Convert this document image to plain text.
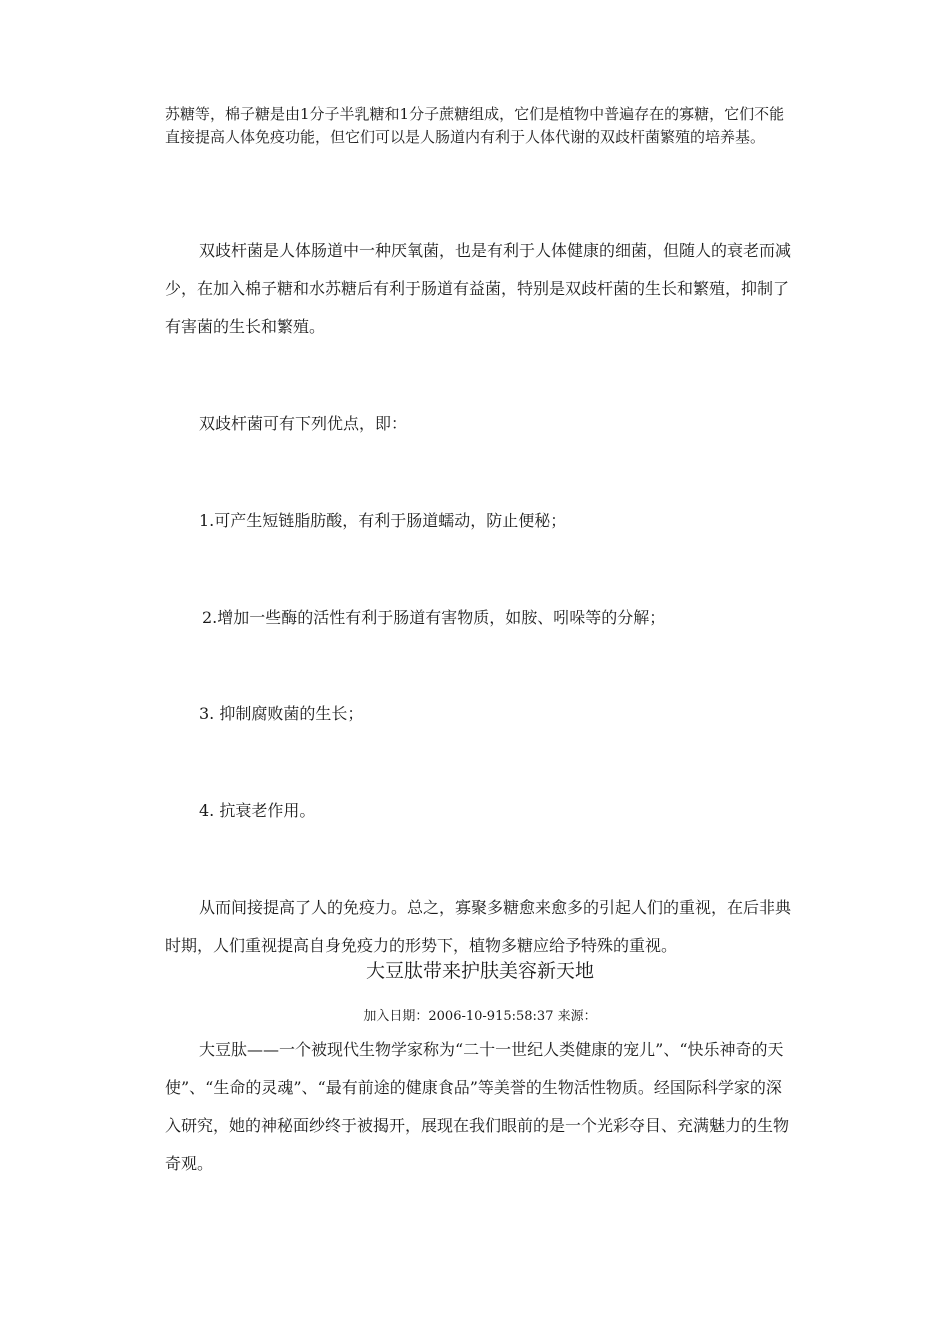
苏糖等，棉子糖是由1分子半乳糖和1分子蔗糖组成，它们是植物中普遍存在的寡糖，它们不能直接提高人体免疫功能，但它们可以是人肠道内有利于人体代谢的双歧杆菌繁殖的培养基。

双歧杆菌是人体肠道中一种厌氧菌，也是有利于人体健康的细菌，但随人的衰老而减少，在加入棉子糖和水苏糖后有利于肠道有益菌，特别是双歧杆菌的生长和繁殖，抑制了有害菌的生长和繁殖。

双歧杆菌可有下列优点，即：

1.可产生短链脂肪酸，有利于肠道蠕动，防止便秘；

2.增加一些酶的活性有利于肠道有害物质，如胺、吲哚等的分解；

3. 抑制腐败菌的生长；

4. 抗衰老作用。

从而间接提高了人的免疫力。总之，寡聚多糖愈来愈多的引起人们的重视，在后非典时期，人们重视提高自身免疫力的形势下，植物多糖应给予特殊的重视。

大豆肽带来护肤美容新天地

加入日期：2006-10-915:58:37 来源：

大豆肽——一个被现代生物学家称为“二十一世纪人类健康的宠儿”、“快乐神奇的天使”、“生命的灵魂”、“最有前途的健康食品”等美誉的生物活性物质。经国际科学家的深入研究，她的神秘面纱终于被揭开，展现在我们眼前的是一个光彩夺目、充满魅力的生物奇观。
